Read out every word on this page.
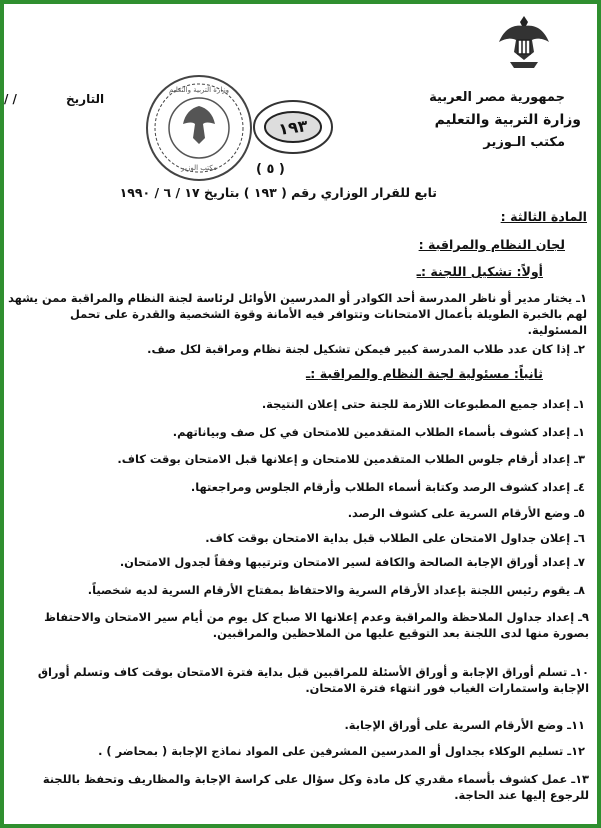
جمهورية مصر العربية
وزارة التربية والتعليم
مكتب الـوزير
وزارة التربية والتعليم
مكتب الوزير
١٩٣
/ /	التاريخ
( ٥ )
تابع للقرار الوزاري رقم ( ١٩٣ ) بتاريخ ١٧ / ٦ / ١٩٩٠
المادة الثالثة :
لجان النظام والمراقبة :
أولاً: تشكيل اللجنة :ـ
١ـ يختار مدير أو ناظر المدرسة أحد الكوادر أو المدرسين الأوائل لرئاسة لجنة النظام والمراقبة ممن يشهد لهم بالخبرة الطويلة بأعمال الامتحانات وتتوافر فيه الأمانة وقوة الشخصية والقدرة على تحمل المسئولية.
٢ـ إذا كان عدد طلاب المدرسة كبير فيمكن تشكيل لجنة نظام ومراقبة لكل صف.
ثانياً: مسئولية لجنة النظام والمراقبة :ـ
١ـ إعداد جميع المطبوعات اللازمة للجنة حتى إعلان النتيجة.
١ـ إعداد كشوف بأسماء الطلاب المتقدمين للامتحان في كل صف وبياناتهم.
٣ـ إعداد أرقام جلوس الطلاب المتقدمين للامتحان و إعلانها قبل الامتحان بوقت كاف.
٤ـ إعداد كشوف الرصد وكتابة أسماء الطلاب وأرقام الجلوس ومراجعتها.
٥ـ وضع الأرقام السرية على كشوف الرصد.
٦ـ إعلان جداول الامتحان على الطلاب قبل بداية الامتحان بوقت كاف.
٧ـ إعداد أوراق الإجابة الصالحة والكافة لسير الامتحان وترتيبها وفقاً لجدول الامتحان.
٨ـ يقوم رئيس اللجنة بإعداد الأرقام السرية والاحتفاظ بمفتاح الأرقام السرية لديه شخصياً.
٩ـ إعداد جداول الملاحظة والمراقبة وعدم إعلانها الا صباح كل يوم من أيام سير الامتحان والاحتفاظ بصورة منها لدى اللجنة بعد التوقيع عليها من الملاحظين والمراقبين.
١٠ـ تسلم أوراق الإجابة و أوراق الأسئلة للمراقبين قبل بداية فترة الامتحان بوقت كاف وتسلم أوراق الإجابة واستمارات الغياب فور انتهاء فترة الامتحان.
١١ـ وضع الأرقام السرية على أوراق الإجابة.
١٢ـ تسليم الوكلاء بجداول أو المدرسين المشرفين على المواد نماذج الإجابة ( بمحاضر ) .
١٣ـ عمل كشوف بأسماء مقدري كل مادة وكل سؤال على كراسة الإجابة والمظاريف وتحفظ باللجنة للرجوع إليها عند الحاجة.
